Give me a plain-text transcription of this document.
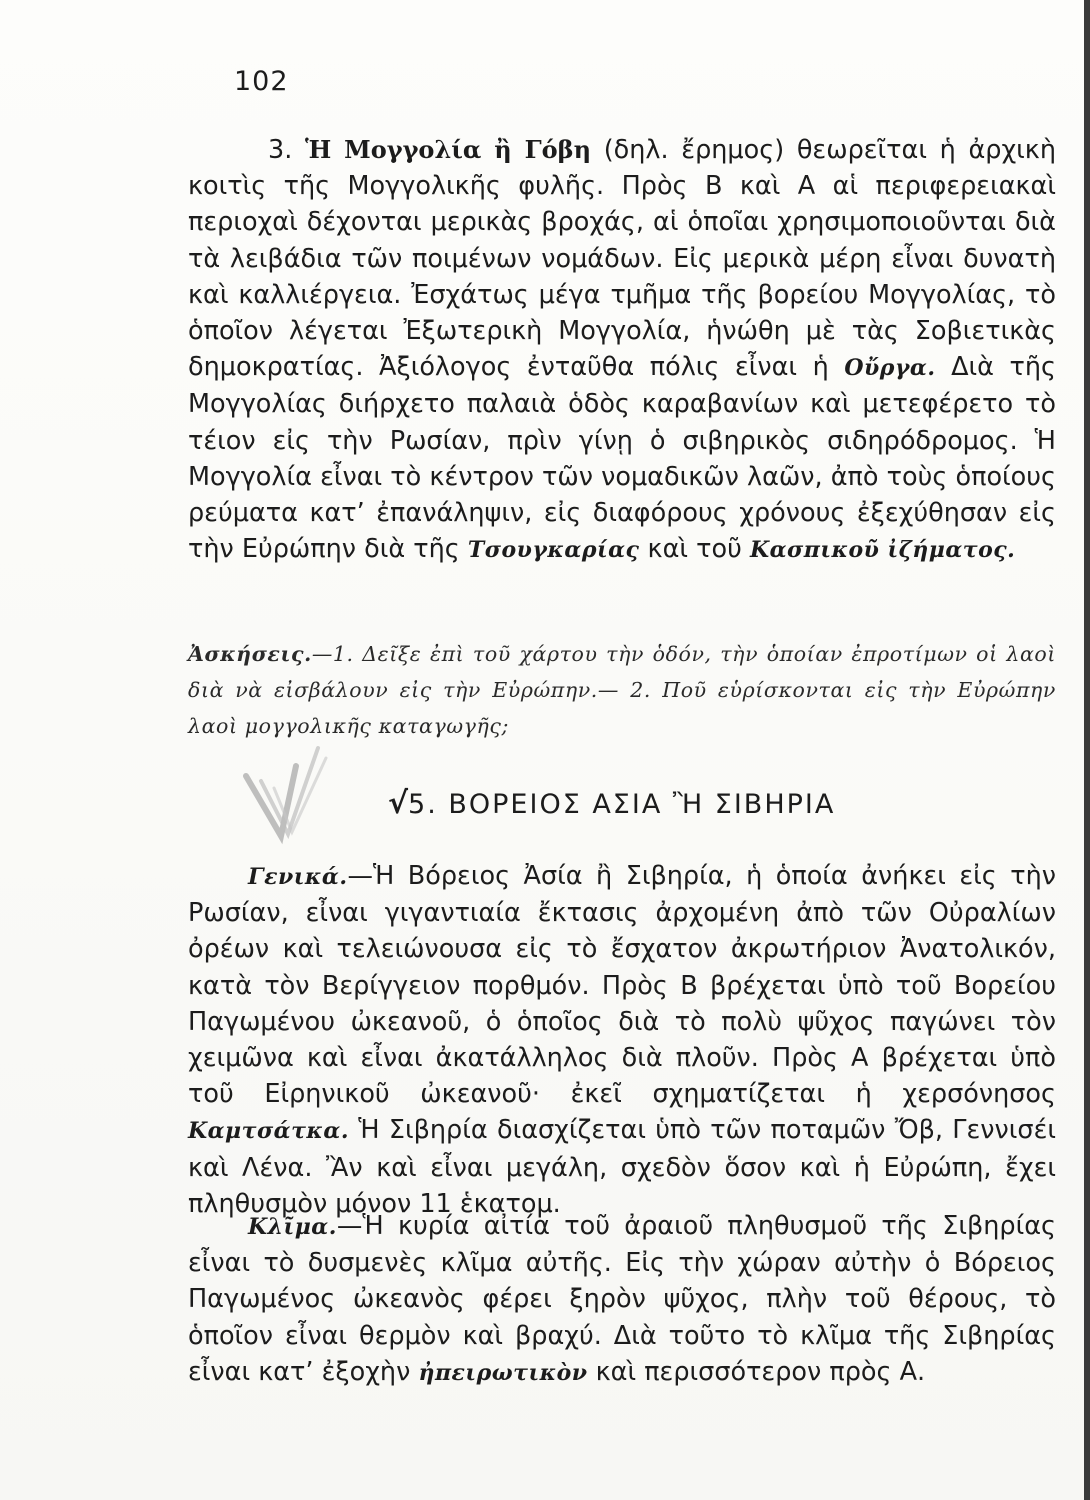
102

3. Ἡ Μογγολία ἢ Γόβη (δηλ. ἔρημος) θεωρεῖται ἡ ἀρχικὴ κοιτὶς τῆς Μογγολικῆς φυλῆς. Πρὸς Β καὶ Α αἱ περιφερειακαὶ περιοχαὶ δέχονται μερικὰς βροχάς, αἱ ὁποῖαι χρησιμοποιοῦνται διὰ τὰ λειβάδια τῶν ποιμένων νομάδων. Εἰς μερικὰ μέρη εἶναι δυνατὴ καὶ καλλιέργεια. Ἐσχάτως μέγα τμῆμα τῆς βορείου Μογγολίας, τὸ ὁποῖον λέγεται Ἐξωτερικὴ Μογγολία, ἡνώθη μὲ τὰς Σοβιετικὰς δημοκρατίας. Ἀξιόλογος ἐνταῦθα πόλις εἶναι ἡ Οὔργα. Διὰ τῆς Μογγολίας διήρχετο παλαιὰ ὁδὸς καραβανίων καὶ μετεφέρετο τὸ τέιον εἰς τὴν Ρωσίαν, πρὶν γίνῃ ὁ σιβηρικὸς σιδηρόδρομος. Ἡ Μογγολία εἶναι τὸ κέντρον τῶν νομαδικῶν λαῶν, ἀπὸ τοὺς ὁποίους ρεύματα κατ’ ἐπανάληψιν, εἰς διαφόρους χρόνους ἐξεχύθησαν εἰς τὴν Εὐρώπην διὰ τῆς Τσουγκαρίας καὶ τοῦ Κασπικοῦ ἰζήματος.

Ἀσκήσεις.—1. Δεῖξε ἐπὶ τοῦ χάρτου τὴν ὁδόν, τὴν ὁποίαν ἐπροτίμων οἱ λαοὶ διὰ νὰ εἰσβάλουν εἰς τὴν Εὐρώπην.— 2. Ποῦ εὑρίσκονται εἰς τὴν Εὐρώπην λαοὶ μογγολικῆς καταγωγῆς;

√5. ΒΟΡΕΙΟΣ ΑΣΙΑ Ἢ ΣΙΒΗΡΙΑ

Γενικά.—Ἡ Βόρειος Ἀσία ἢ Σιβηρία, ἡ ὁποία ἀνήκει εἰς τὴν Ρωσίαν, εἶναι γιγαντιαία ἔκτασις ἀρχομένη ἀπὸ τῶν Οὐραλίων ὀρέων καὶ τελειώνουσα εἰς τὸ ἔσχατον ἀκρωτήριον Ἀνατολικόν, κατὰ τὸν Βερίγγειον πορθμόν. Πρὸς Β βρέχεται ὑπὸ τοῦ Βορείου Παγωμένου ὠκεανοῦ, ὁ ὁποῖος διὰ τὸ πολὺ ψῦχος παγώνει τὸν χειμῶνα καὶ εἶναι ἀκατάλληλος διὰ πλοῦν. Πρὸς Α βρέχεται ὑπὸ τοῦ Εἰρηνικοῦ ὠκεανοῦ· ἐκεῖ σχηματίζεται ἡ χερσόνησος Καμτσάτκα. Ἡ Σιβηρία διασχίζεται ὑπὸ τῶν ποταμῶν Ὄβ, Γεννισέι καὶ Λένα. Ἂν καὶ εἶναι μεγάλη, σχεδὸν ὅσον καὶ ἡ Εὐρώπη, ἔχει πληθυσμὸν μόνον 11 ἑκατομ.

Κλῖμα.—Ἡ κυρία αἰτία τοῦ ἀραιοῦ πληθυσμοῦ τῆς Σιβηρίας εἶναι τὸ δυσμενὲς κλῖμα αὐτῆς. Εἰς τὴν χώραν αὐτὴν ὁ Βόρειος Παγωμένος ὠκεανὸς φέρει ξηρὸν ψῦχος, πλὴν τοῦ θέρους, τὸ ὁποῖον εἶναι θερμὸν καὶ βραχύ. Διὰ τοῦτο τὸ κλῖμα τῆς Σιβηρίας εἶναι κατ’ ἐξοχὴν ἠπειρωτικὸν καὶ περισσότερον πρὸς Α.
